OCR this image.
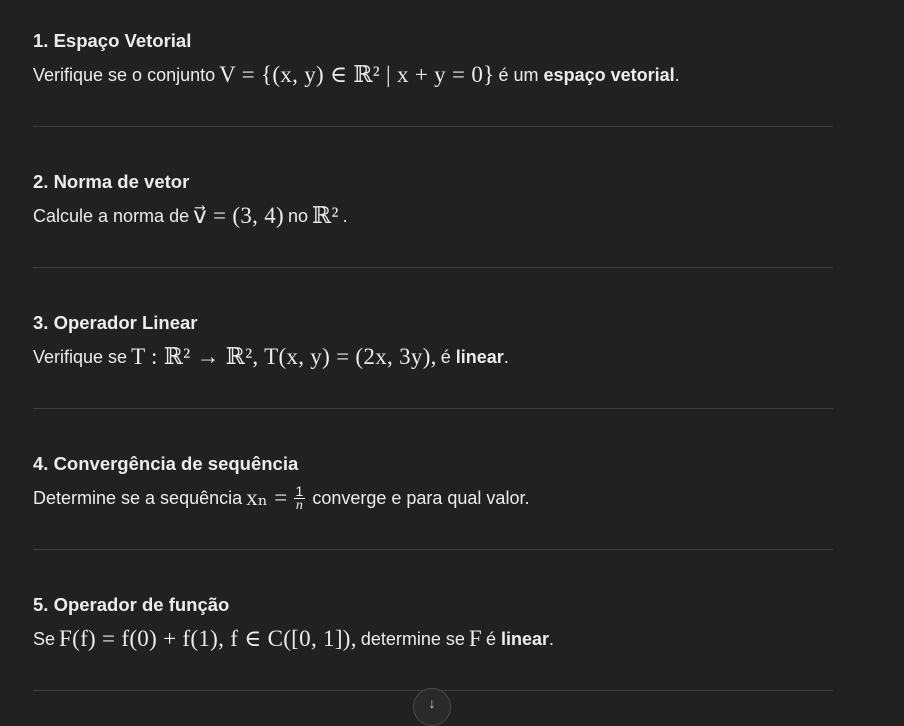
1. Espaço Vetorial
Verifique se o conjunto V = {(x, y) ∈ ℝ² | x + y = 0} é um
espaço vetorial .
2. Norma de vetor
Calcule a norma de v⃗ = (3, 4) no ℝ² .
3. Operador Linear
Verifique se T : ℝ² → ℝ², T(x, y) = (2x, 3y), é
linear .
4. Convergência de sequência
Determine se a sequência $x_n = \frac{1}{n}$
converge e para qual valor.
5. Operador de função
Se F(f) = f(0) + f(1), f ∈ C([0, 1]), determine se F é
linear .
↓
